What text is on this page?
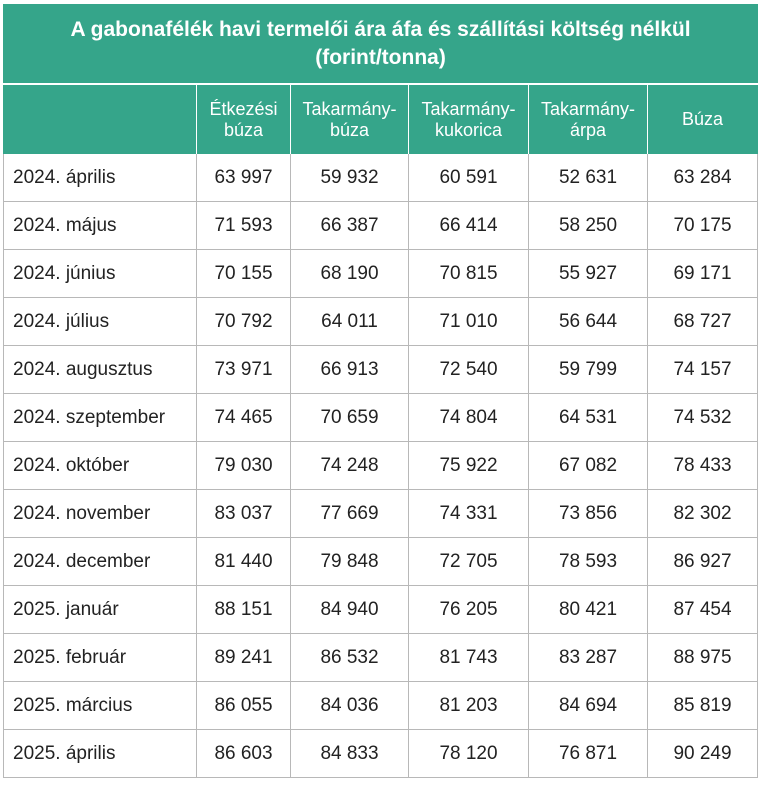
A gabonafélék havi termelői ára áfa és szállítási költség nélkül (forint/tonna)					
	Étkezési búza	Takarmány-búza	Takarmány-kukorica	Takarmány-árpa	Búza
2024. április	63 997	59 932	60 591	52 631	63 284
2024. május	71 593	66 387	66 414	58 250	70 175
2024. június	70 155	68 190	70 815	55 927	69 171
2024. július	70 792	64 011	71 010	56 644	68 727
2024. augusztus	73 971	66 913	72 540	59 799	74 157
2024. szeptember	74 465	70 659	74 804	64 531	74 532
2024. október	79 030	74 248	75 922	67 082	78 433
2024. november	83 037	77 669	74 331	73 856	82 302
2024. december	81 440	79 848	72 705	78 593	86 927
2025. január	88 151	84 940	76 205	80 421	87 454
2025. február	89 241	86 532	81 743	83 287	88 975
2025. március	86 055	84 036	81 203	84 694	85 819
2025. április	86 603	84 833	78 120	76 871	90 249
